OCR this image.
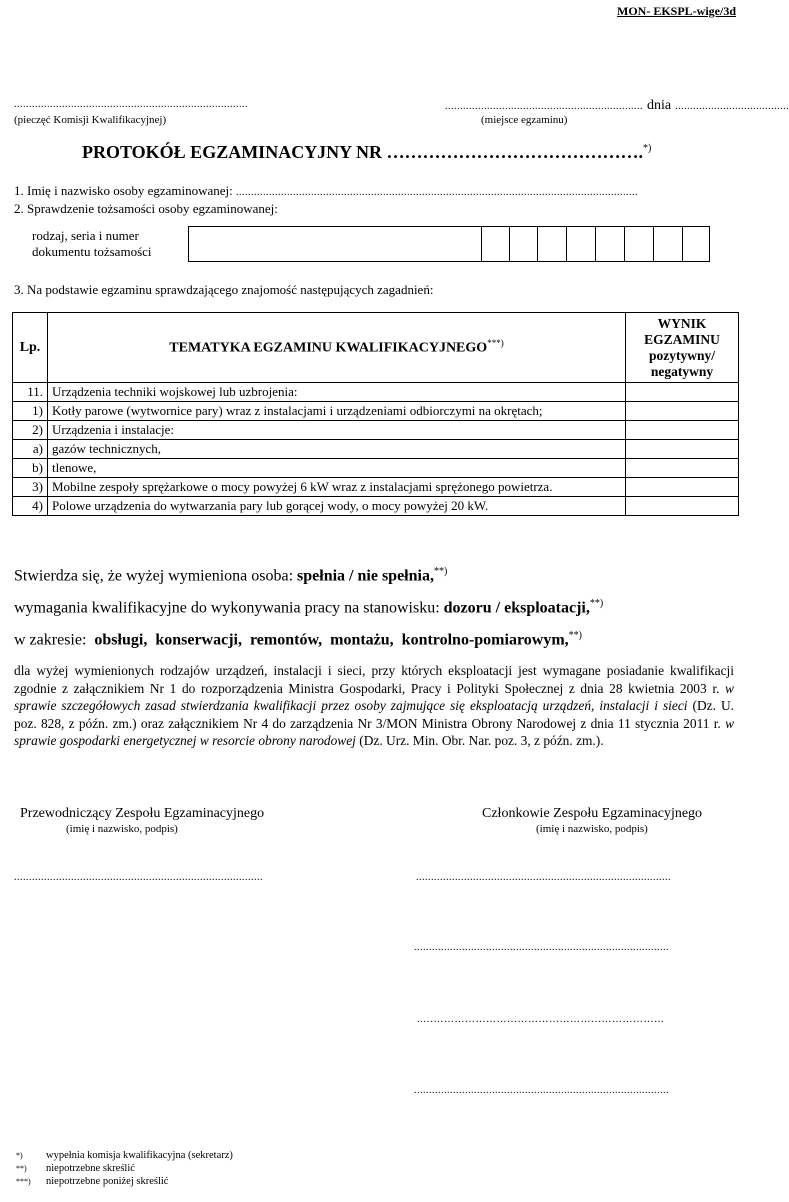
MON- EKSPL-wige/3d
..............................................................................
(pieczęć Komisji Kwalifikacyjnej)
.................................................................. dnia ......................................
(miejsce egzaminu)
PROTOKÓŁ EGZAMINACYJNY NR …………………………………….*)
1. Imię i nazwisko osoby egzaminowanej: ......................................................................................................................................
2. Sprawdzenie tożsamości osoby egzaminowanej:
rodzaj, seria i numer
dokumentu tożsamości

3. Na podstawie egzaminu sprawdzającego znajomość następujących zagadnień:
Lp.	TEMATYKA EGZAMINU KWALIFIKACYJNEGO***)	WYNIK
EGZAMINU
pozytywny/
negatywny

11.	Urządzenia techniki wojskowej lub uzbrojenia:	
1)	Kotły parowe (wytwornice pary) wraz z instalacjami i urządzeniami odbiorczymi na okrętach;	
2)	Urządzenia i instalacje:	
a)	gazów technicznych,	
b)	tlenowe,	
3)	Mobilne zespoły sprężarkowe o mocy powyżej 6 kW wraz z instalacjami sprężonego powietrza.	
4)	Polowe urządzenia do wytwarzania pary lub gorącej wody, o mocy powyżej 20 kW.	
Stwierdza się, że wyżej wymieniona osoba: spełnia / nie spełnia,**)
wymagania kwalifikacyjne do wykonywania pracy na stanowisku: dozoru / eksploatacji,**)
w zakresie: obsługi,  konserwacji,  remontów,  montażu,  kontrolno-pomiarowym,**)
dla wyżej wymienionych rodzajów urządzeń, instalacji i sieci, przy których eksploatacji jest wymagane posiadanie kwalifikacji zgodnie z załącznikiem Nr 1 do rozporządzenia Ministra Gospodarki, Pracy i Polityki Społecznej z dnia 28 kwietnia 2003 r. w sprawie szczegółowych zasad stwierdzania kwalifikacji przez osoby zajmujące się eksploatacją urządzeń, instalacji i sieci (Dz. U. poz. 828, z późn. zm.) oraz załącznikiem Nr 4 do zarządzenia Nr 3/MON Ministra Obrony Narodowej z dnia 11 stycznia 2011 r. w sprawie gospodarki energetycznej w resorcie obrony narodowej (Dz. Urz. Min. Obr. Nar. poz. 3, z późn. zm.).
Przewodniczący Zespołu Egzaminacyjnego
(imię i nazwisko, podpis)
Członkowie Zespołu Egzaminacyjnego
(imię i nazwisko, podpis)
...................................................................................	.....................................................................................
.....................................................................................
..……………………………………………………………
.....................................................................................
*) wypełnia komisja kwalifikacyjna (sekretarz)
**) niepotrzebne skreślić
***) niepotrzebne poniżej skreślić
